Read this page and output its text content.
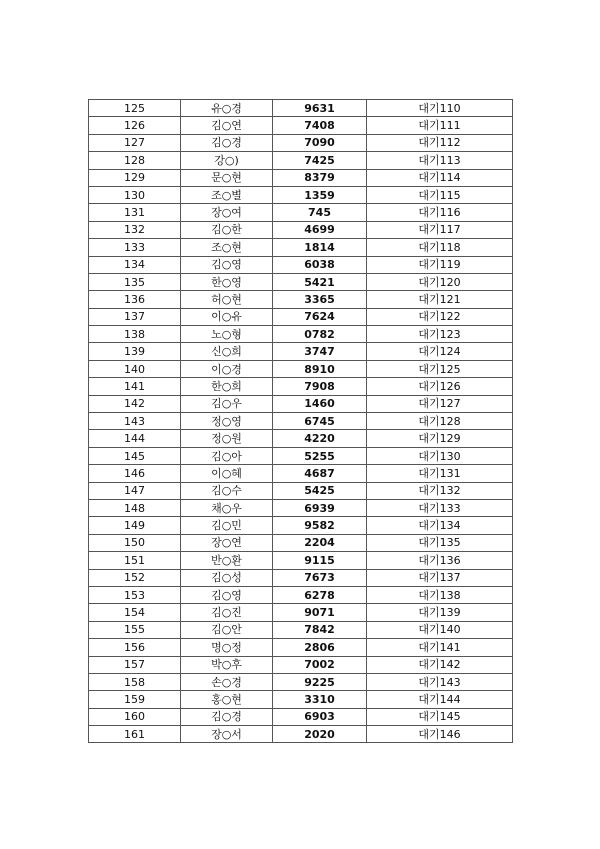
125	유○경	9631	대기110
126	김○연	7408	대기111
127	김○경	7090	대기112
128	강○)	7425	대기113
129	문○현	8379	대기114
130	조○별	1359	대기115
131	장○여	745	대기116
132	김○한	4699	대기117
133	조○현	1814	대기118
134	김○영	6038	대기119
135	한○영	5421	대기120
136	허○현	3365	대기121
137	이○유	7624	대기122
138	노○형	0782	대기123
139	신○희	3747	대기124
140	이○경	8910	대기125
141	한○희	7908	대기126
142	김○우	1460	대기127
143	정○영	6745	대기128
144	정○원	4220	대기129
145	김○아	5255	대기130
146	이○혜	4687	대기131
147	김○수	5425	대기132
148	채○우	6939	대기133
149	김○민	9582	대기134
150	장○연	2204	대기135
151	반○환	9115	대기136
152	김○성	7673	대기137
153	김○영	6278	대기138
154	김○진	9071	대기139
155	김○안	7842	대기140
156	명○정	2806	대기141
157	박○후	7002	대기142
158	손○경	9225	대기143
159	홍○현	3310	대기144
160	김○경	6903	대기145
161	장○서	2020	대기146
